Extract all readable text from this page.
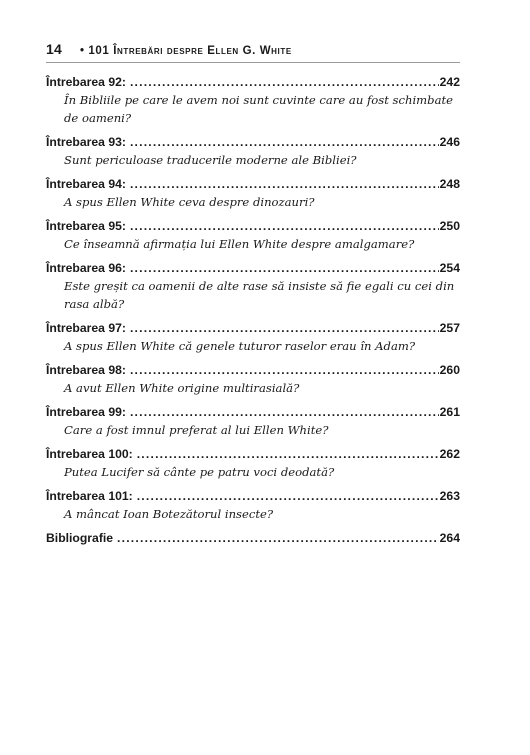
14	• 101 Întrebări despre Ellen G. White
Întrebarea 92: .....	242
În Bibliile pe care le avem noi sunt cuvinte care au fost schimbate de oameni?
Întrebarea 93: .....	246
Sunt periculoase traducerile moderne ale Bibliei?
Întrebarea 94: .....	248
A spus Ellen White ceva despre dinozauri?
Întrebarea 95: .....	250
Ce înseamnă afirmația lui Ellen White despre amalgamare?
Întrebarea 96: .....	254
Este greșit ca oamenii de alte rase să insiste să fie egali cu cei din rasa albă?
Întrebarea 97: .....	257
A spus Ellen White că genele tuturor raselor erau în Adam?
Întrebarea 98: .....	260
A avut Ellen White origine multirasială?
Întrebarea 99: .....	261
Care a fost imnul preferat al lui Ellen White?
Întrebarea 100: .....	262
Putea Lucifer să cânte pe patru voci deodată?
Întrebarea 101: .....	263
A mâncat Ioan Botezătorul insecte?
Bibliografie .....	264
